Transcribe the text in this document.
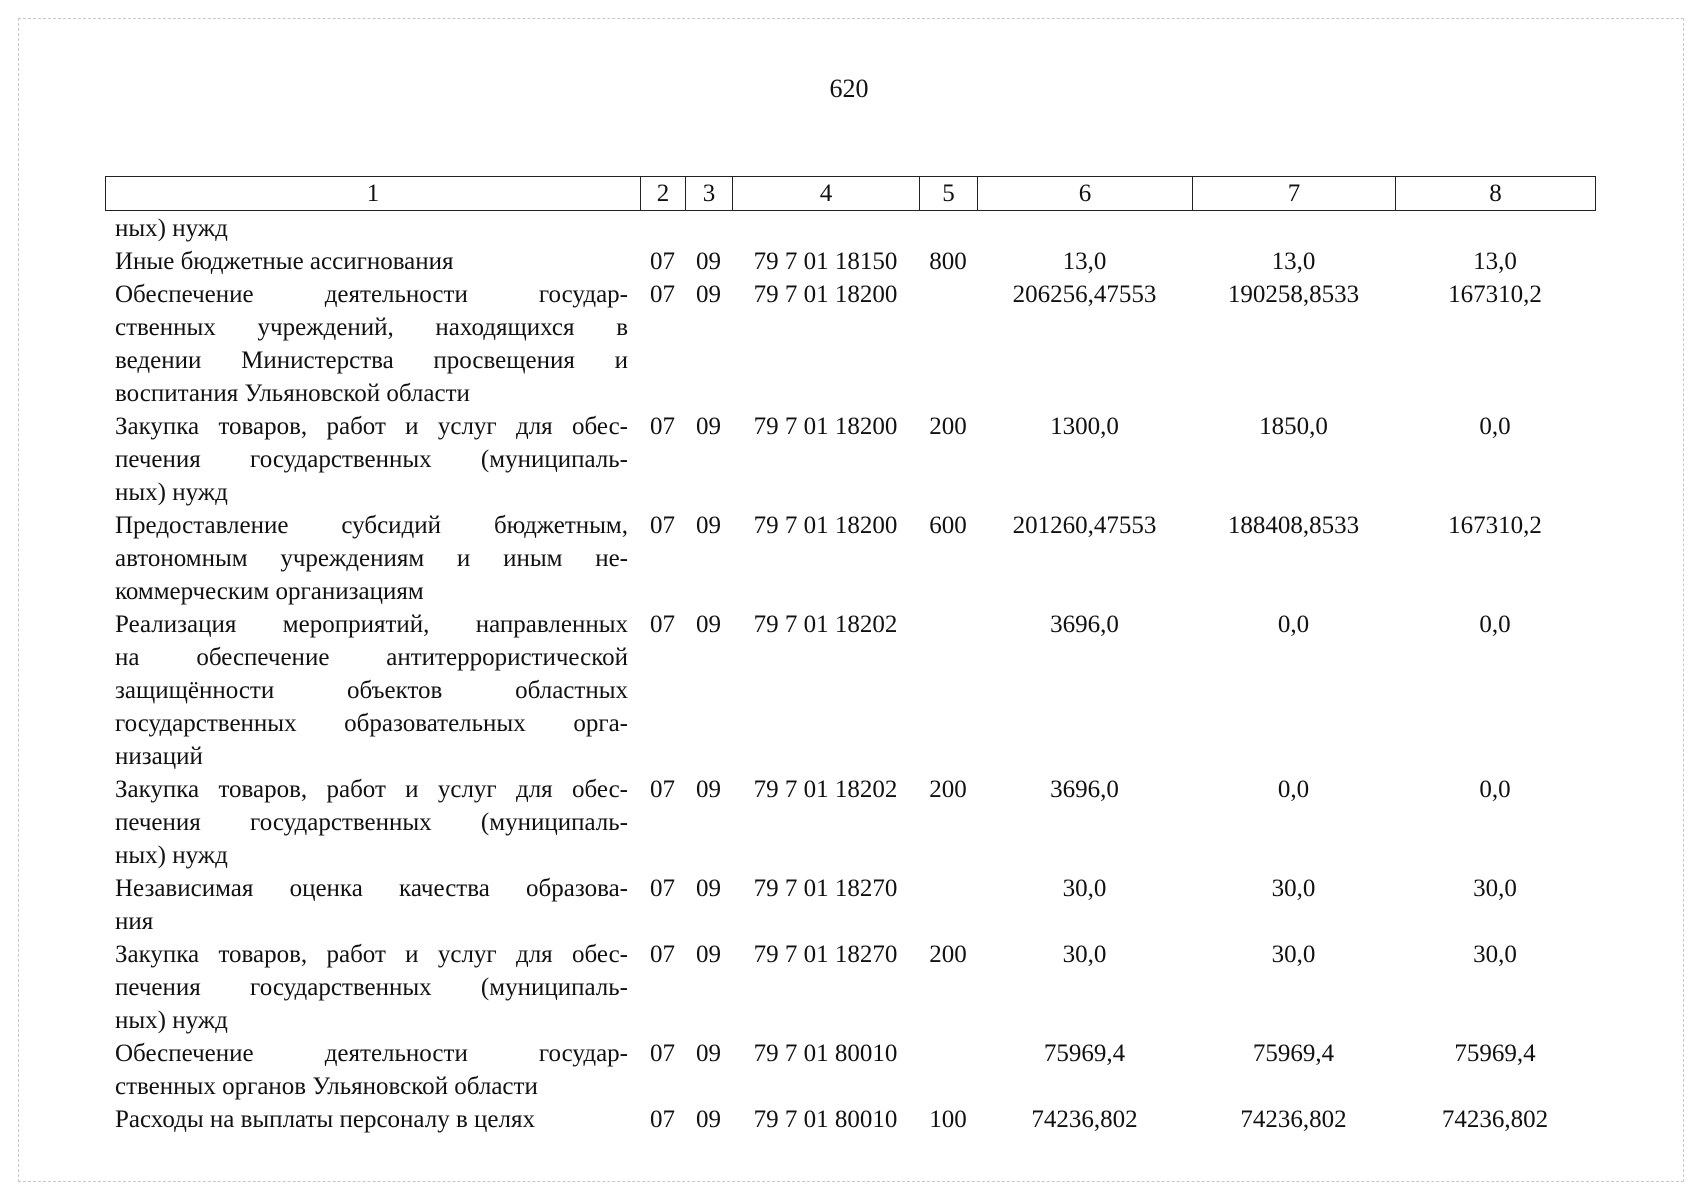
620
1	2	3	4	5	6	7	8
ных) нужд							

Иные бюджетные ассигнования	07	09	79 7 01 18150	800	13,0	13,0	13,0

Обеспечение деятельности государ-
ственных учреждений, находящихся в
ведении Министерства просвещения и
воспитания Ульяновской области	07	09	79 7 01 18200		206256,47553	190258,8533	167310,2

Закупка товаров, работ и услуг для обес-
печения государственных (муниципаль-
ных) нужд	07	09	79 7 01 18200	200	1300,0	1850,0	0,0

Предоставление субсидий бюджетным,
автономным учреждениям и иным не-
коммерческим организациям	07	09	79 7 01 18200	600	201260,47553	188408,8533	167310,2

Реализация мероприятий, направленных
на обеспечение антитеррористической
защищённости объектов областных
государственных образовательных орга-
низаций	07	09	79 7 01 18202		3696,0	0,0	0,0

Закупка товаров, работ и услуг для обес-
печения государственных (муниципаль-
ных) нужд	07	09	79 7 01 18202	200	3696,0	0,0	0,0

Независимая оценка качества образова-
ния	07	09	79 7 01 18270		30,0	30,0	30,0

Закупка товаров, работ и услуг для обес-
печения государственных (муниципаль-
ных) нужд	07	09	79 7 01 18270	200	30,0	30,0	30,0

Обеспечение деятельности государ-
ственных органов Ульяновской области	07	09	79 7 01 80010		75969,4	75969,4	75969,4

Расходы на выплаты персоналу в целях	07	09	79 7 01 80010	100	74236,802	74236,802	74236,802
